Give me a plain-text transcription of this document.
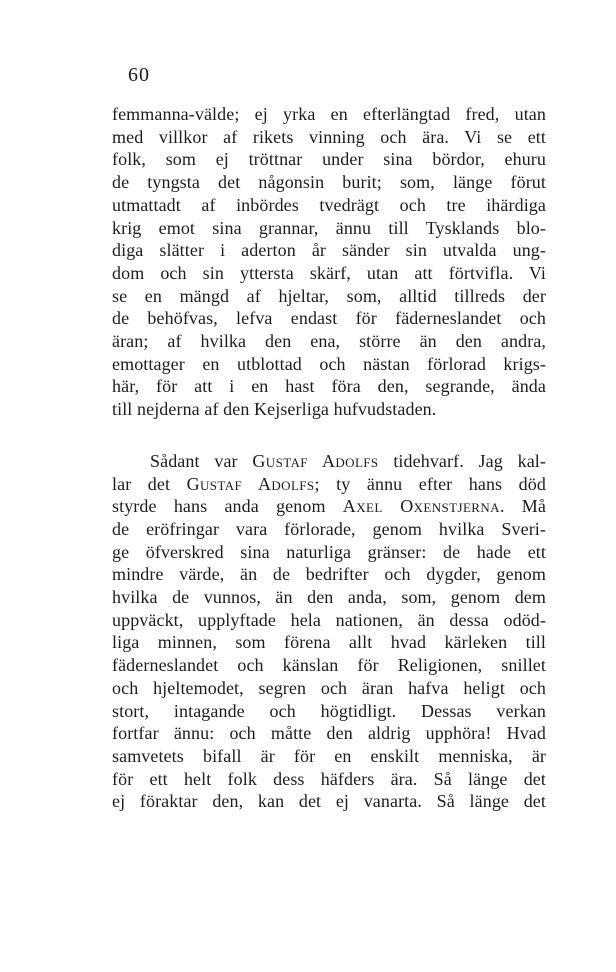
60
femmanna-välde; ej yrka en efterlängtad fred, utan
med villkor af rikets vinning och ära. Vi se ett
folk, som ej tröttnar under sina bördor, ehuru
de tyngsta det någonsin burit; som, länge förut
utmattadt af inbördes tvedrägt och tre ihärdiga
krig emot sina grannar, ännu till Tysklands blo-
diga slätter i aderton år sänder sin utvalda ung-
dom och sin yttersta skärf, utan att förtvifla. Vi
se en mängd af hjeltar, som, alltid tillreds der
de behöfvas, lefva endast för fäderneslandet och
äran; af hvilka den ena, större än den andra,
emottager en utblottad och nästan förlorad krigs-
här, för att i en hast föra den, segrande, ända
till nejderna af den Kejserliga hufvudstaden.
Sådant var Gustaf Adolfs tidehvarf. Jag kal-
lar det Gustaf Adolfs; ty ännu efter hans död
styrde hans anda genom Axel Oxenstjerna. Må
de eröfringar vara förlorade, genom hvilka Sveri-
ge öfverskred sina naturliga gränser: de hade ett
mindre värde, än de bedrifter och dygder, genom
hvilka de vunnos, än den anda, som, genom dem
uppväckt, upplyftade hela nationen, än dessa odöd-
liga minnen, som förena allt hvad kärleken till
fäderneslandet och känslan för Religionen, snillet
och hjeltemodet, segren och äran hafva heligt och
stort, intagande och högtidligt. Dessas verkan
fortfar ännu: och måtte den aldrig upphöra! Hvad
samvetets bifall är för en enskilt menniska, är
för ett helt folk dess häfders ära. Så länge det
ej föraktar den, kan det ej vanarta. Så länge det
